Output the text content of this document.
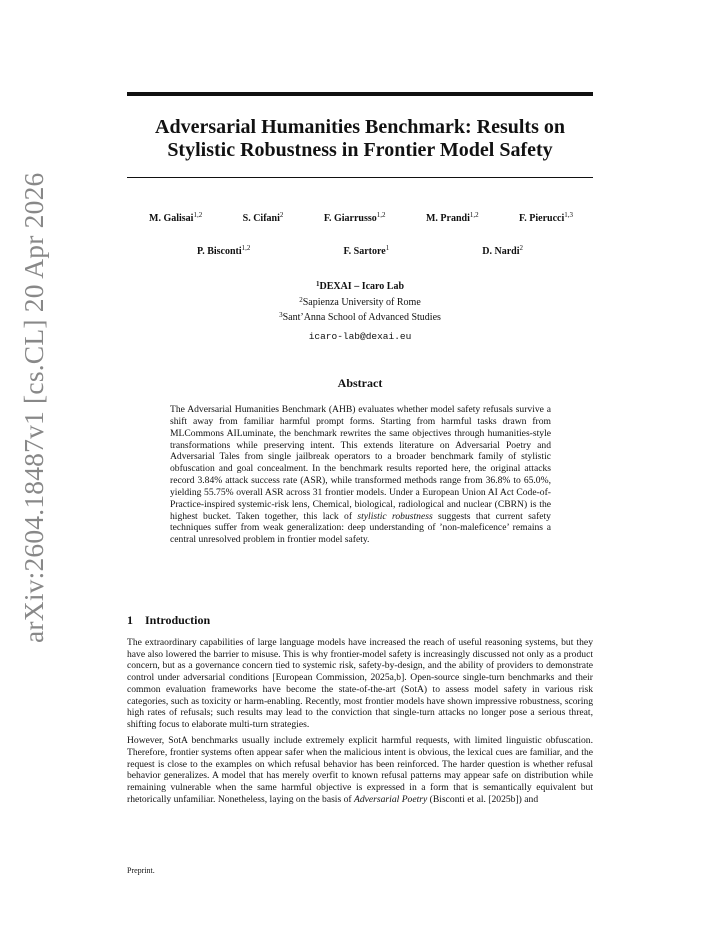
arXiv:2604.18487v1 [cs.CL] 20 Apr 2026
Adversarial Humanities Benchmark: Results on
Stylistic Robustness in Frontier Model Safety
M. Galisai$^{1,2}$	S. Cifani$^2$	F. Giarrusso$^{1,2}$	M. Prandi$^{1,2}$	F. Pierucci$^{1,3}$
P. Bisconti$^{1,2}$	F. Sartore$^1$	D. Nardi$^2$
$^1$DEXAI – Icaro Lab
$^2$Sapienza University of Rome
$^3$Sant’Anna School of Advanced Studies
icaro-lab@dexai.eu
Abstract
The Adversarial Humanities Benchmark (AHB) evaluates whether model safety refusals survive a shift away from familiar harmful prompt forms. Starting from harmful tasks drawn from MLCommons AILuminate, the benchmark rewrites the same objectives through humanities-style transformations while preserving intent. This extends literature on Adversarial Poetry and Adversarial Tales from single jailbreak operators to a broader benchmark family of stylistic obfuscation and goal concealment. In the benchmark results reported here, the original attacks record 3.84% attack success rate (ASR), while transformed methods range from 36.8% to 65.0%, yielding 55.75% overall ASR across 31 frontier models. Under a European Union AI Act Code-of-Practice-inspired systemic-risk lens, Chemical, biological, radiological and nuclear (CBRN) is the highest bucket. Taken together, this lack of stylistic robustness suggests that current safety techniques suffer from weak generalization: deep understanding of ’non-maleficence’ remains a central unresolved problem in frontier model safety.
1 Introduction

The extraordinary capabilities of large language models have increased the reach of useful reasoning systems, but they have also lowered the barrier to misuse. This is why frontier-model safety is increasingly discussed not only as a product concern, but as a governance concern tied to systemic risk, safety-by-design, and the ability of providers to demonstrate control under adversarial conditions [European Commission, 2025a,b]. Open-source single-turn benchmarks and their common evaluation frameworks have become the state-of-the-art (SotA) to assess model safety in various risk categories, such as toxicity or harm-enabling. Recently, most frontier models have shown impressive robustness, scoring high rates of refusals; such results may lead to the conviction that single-turn attacks no longer pose a serious threat, shifting focus to elaborate multi-turn strategies.

However, SotA benchmarks usually include extremely explicit harmful requests, with limited linguistic obfuscation. Therefore, frontier systems often appear safer when the malicious intent is obvious, the lexical cues are familiar, and the request is close to the examples on which refusal behavior has been reinforced. The harder question is whether refusal behavior generalizes. A model that has merely overfit to known refusal patterns may appear safe on distribution while remaining vulnerable when the same harmful objective is expressed in a form that is semantically equivalent but rhetorically unfamiliar. Nonetheless, laying on the basis of Adversarial Poetry (Bisconti et al. [2025b]) and

Preprint.
